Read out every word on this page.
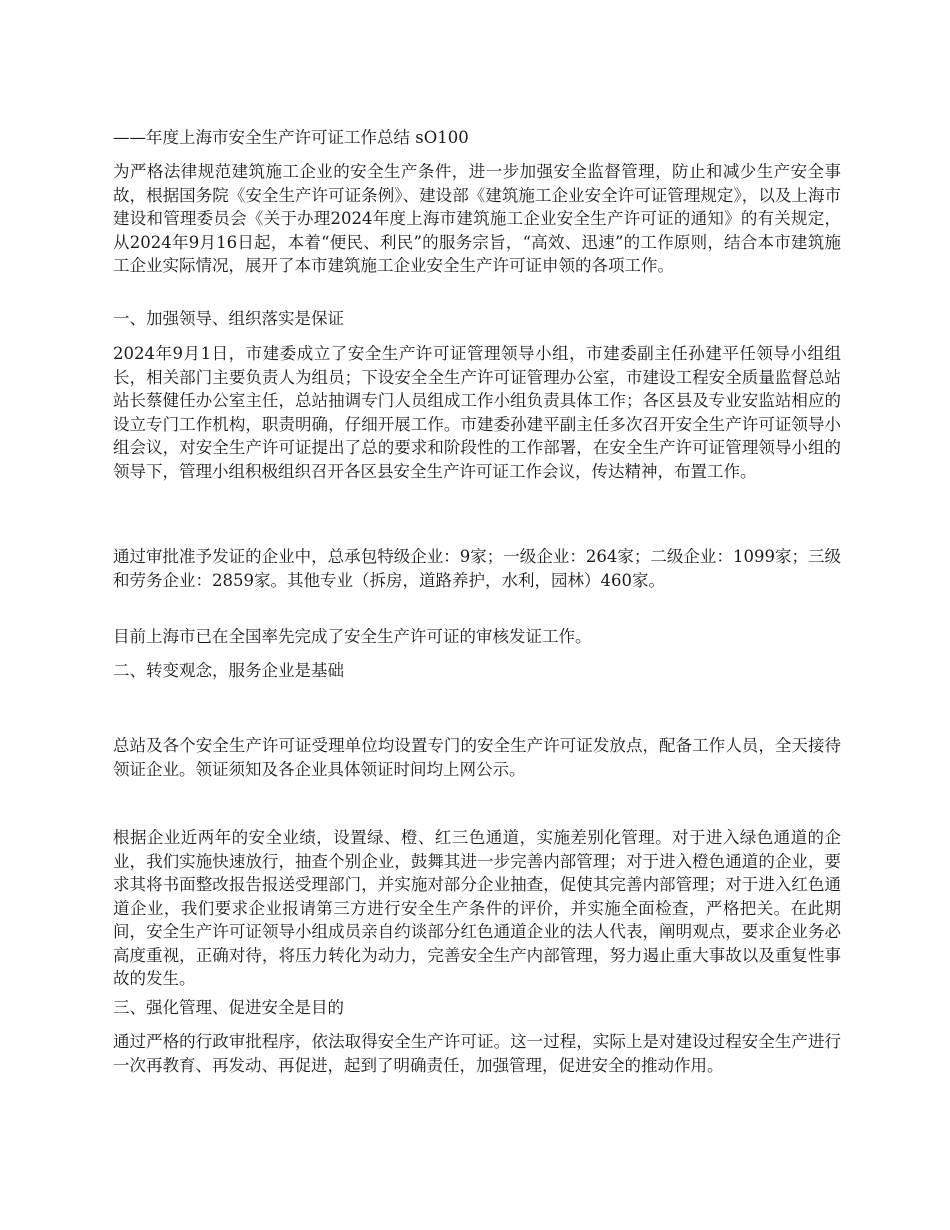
——年度上海市安全生产许可证工作总结 sO100

为严格法律规范建筑施工企业的安全生产条件，进一步加强安全监督管理，防止和减少生产安全事故，根据国务院《安全生产许可证条例》、建设部《建筑施工企业安全许可证管理规定》，以及上海市建设和管理委员会《关于办理2024年度上海市建筑施工企业安全生产许可证的通知》的有关规定，从2024年9月16日起，本着“便民、利民”的服务宗旨，“高效、迅速”的工作原则，结合本市建筑施工企业实际情况，展开了本市建筑施工企业安全生产许可证申领的各项工作。

一、加强领导、组织落实是保证

2024年9月1日，市建委成立了安全生产许可证管理领导小组，市建委副主任孙建平任领导小组组长，相关部门主要负责人为组员；下设安全全生产许可证管理办公室，市建设工程安全质量监督总站站长蔡健任办公室主任，总站抽调专门人员组成工作小组负责具体工作；各区县及专业安监站相应的设立专门工作机构，职责明确，仔细开展工作。市建委孙建平副主任多次召开安全生产许可证领导小组会议，对安全生产许可证提出了总的要求和阶段性的工作部署，在安全生产许可证管理领导小组的领导下，管理小组积极组织召开各区县安全生产许可证工作会议，传达精神，布置工作。

通过审批准予发证的企业中，总承包特级企业：9家；一级企业：264家；二级企业：1099家；三级和劳务企业：2859家。其他专业（拆房，道路养护，水利，园林）460家。

目前上海市已在全国率先完成了安全生产许可证的审核发证工作。

二、转变观念，服务企业是基础

总站及各个安全生产许可证受理单位均设置专门的安全生产许可证发放点，配备工作人员，全天接待领证企业。领证须知及各企业具体领证时间均上网公示。

根据企业近两年的安全业绩，设置绿、橙、红三色通道，实施差别化管理。对于进入绿色通道的企业，我们实施快速放行，抽查个别企业，鼓舞其进一步完善内部管理；对于进入橙色通道的企业，要求其将书面整改报告报送受理部门，并实施对部分企业抽查，促使其完善内部管理；对于进入红色通道企业，我们要求企业报请第三方进行安全生产条件的评价，并实施全面检查，严格把关。在此期间，安全生产许可证领导小组成员亲自约谈部分红色通道企业的法人代表，阐明观点，要求企业务必高度重视，正确对待，将压力转化为动力，完善安全生产内部管理，努力遏止重大事故以及重复性事故的发生。

三、强化管理、促进安全是目的

通过严格的行政审批程序，依法取得安全生产许可证。这一过程，实际上是对建设过程安全生产进行一次再教育、再发动、再促进，起到了明确责任，加强管理，促进安全的推动作用。
